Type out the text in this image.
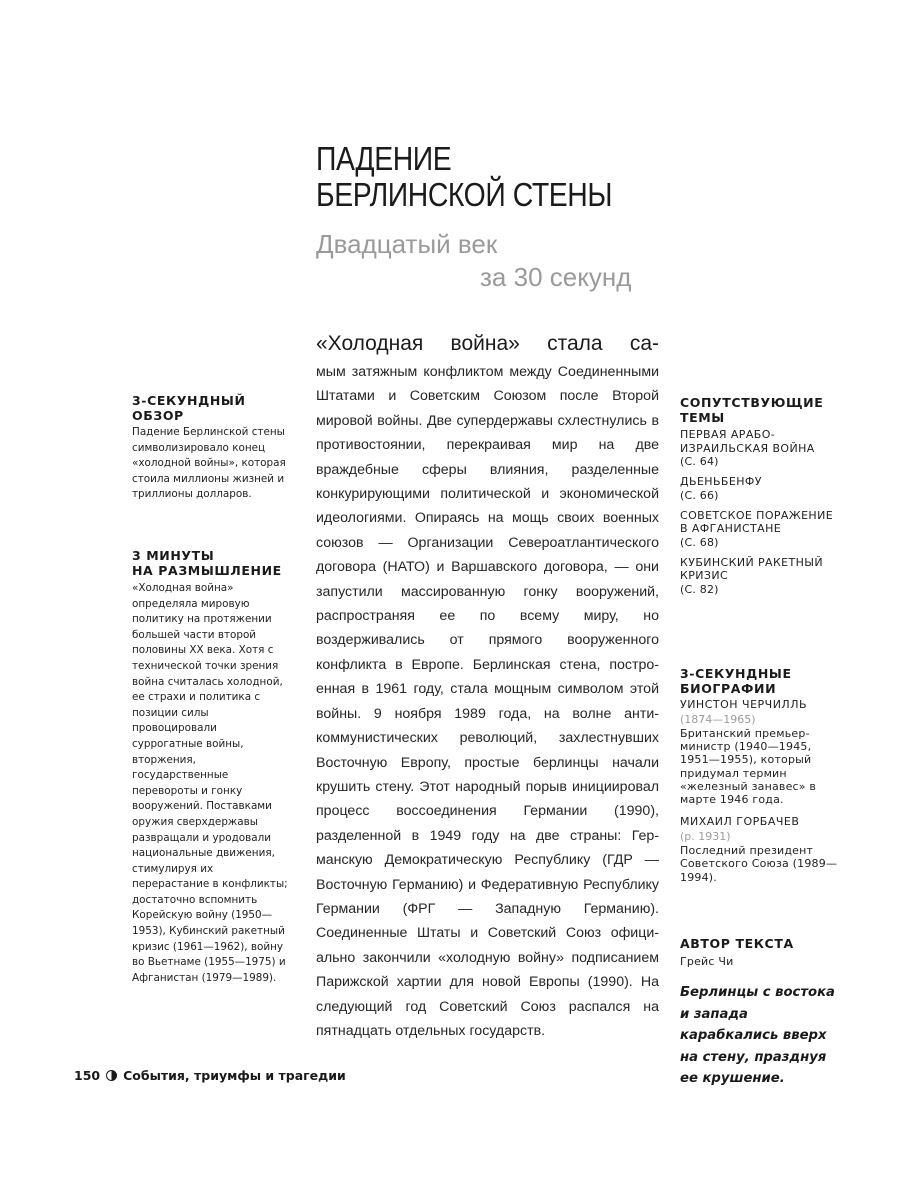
ПАДЕНИЕ
БЕРЛИНСКОЙ СТЕНЫ
Двадцатый век
за 30 секунд
«Холодная война» стала са-
мым затяжным конфликтом между Соединенными Штатами и Советским Союзом после Второй мировой войны. Две супердержавы схлестнулись в противостоянии, перекраивая мир на две враждебные сферы влияния, разделенные конкурирующими политической и экономической идеологиями. Опираясь на мощь своих военных союзов — Организации Североатлантического договора (НАТО) и Варшавского договора, — они запустили массированную гонку вооружений, распространяя ее по всему миру, но воздерживались от прямого вооруженного конфликта в Европе. Берлинская стена, построенная в 1961 году, стала мощным символом этой войны. 9 ноября 1989 года, на волне антикоммунистических революций, захлестнувших Восточную Европу, простые берлинцы начали крушить стену. Этот народный порыв инициировал процесс воссоединения Германии (1990), разделенной в 1949 году на две страны: Германскую Демократическую Республику (ГДР — Восточную Германию) и Федеративную Республику Германии (ФРГ — Западную Германию). Соединенные Штаты и Советский Союз официально закончили «холодную войну» подписанием Парижской хартии для новой Европы (1990). На следующий год Советский Союз распался на пятнадцать отдельных государств.
3-СЕКУНДНЫЙ
ОБЗОР
Падение Берлинской стены символизировало конец «холодной войны», которая стоила миллионы жизней и триллионы долларов.
3 МИНУТЫ
НА РАЗМЫШЛЕНИЕ
«Холодная война» определяла мировую политику на протяжении большей части второй половины XX века. Хотя с технической точки зрения война считалась холодной, ее страхи и политика с позиции силы провоцировали суррогатные войны, вторжения, государственные перевороты и гонку вооружений. Поставками оружия сверхдержавы развращали и уродовали национальные движения, стимулируя их перерастание в конфликты; достаточно вспомнить Корейскую войну (1950—1953), Кубинский ракетный кризис (1961—1962), войну во Вьетнаме (1955—1975) и Афганистан (1979—1989).
СОПУТСТВУЮЩИЕ
ТЕМЫ
ПЕРВАЯ АРАБО-ИЗРАИЛЬСКАЯ ВОЙНА
(С. 64)
ДЬЕНЬБЕНФУ
(С. 66)
СОВЕТСКОЕ ПОРАЖЕНИЕ В АФГАНИСТАНЕ
(С. 68)
КУБИНСКИЙ РАКЕТНЫЙ КРИЗИС
(С. 82)
3-СЕКУНДНЫЕ
БИОГРАФИИ
УИНСТОН ЧЕРЧИЛЛЬ
(1874—1965)
Британский премьер-министр (1940—1945, 1951—1955), который придумал термин «железный занавес» в марте 1946 года.
МИХАИЛ ГОРБАЧЕВ
(р. 1931)
Последний президент Советского Союза (1989—1994).
АВТОР ТЕКСТА
Грейс Чи
Берлинцы с востока и запада карабкались вверх на стену, празднуя ее крушение.
150 События, триумфы и трагедии
